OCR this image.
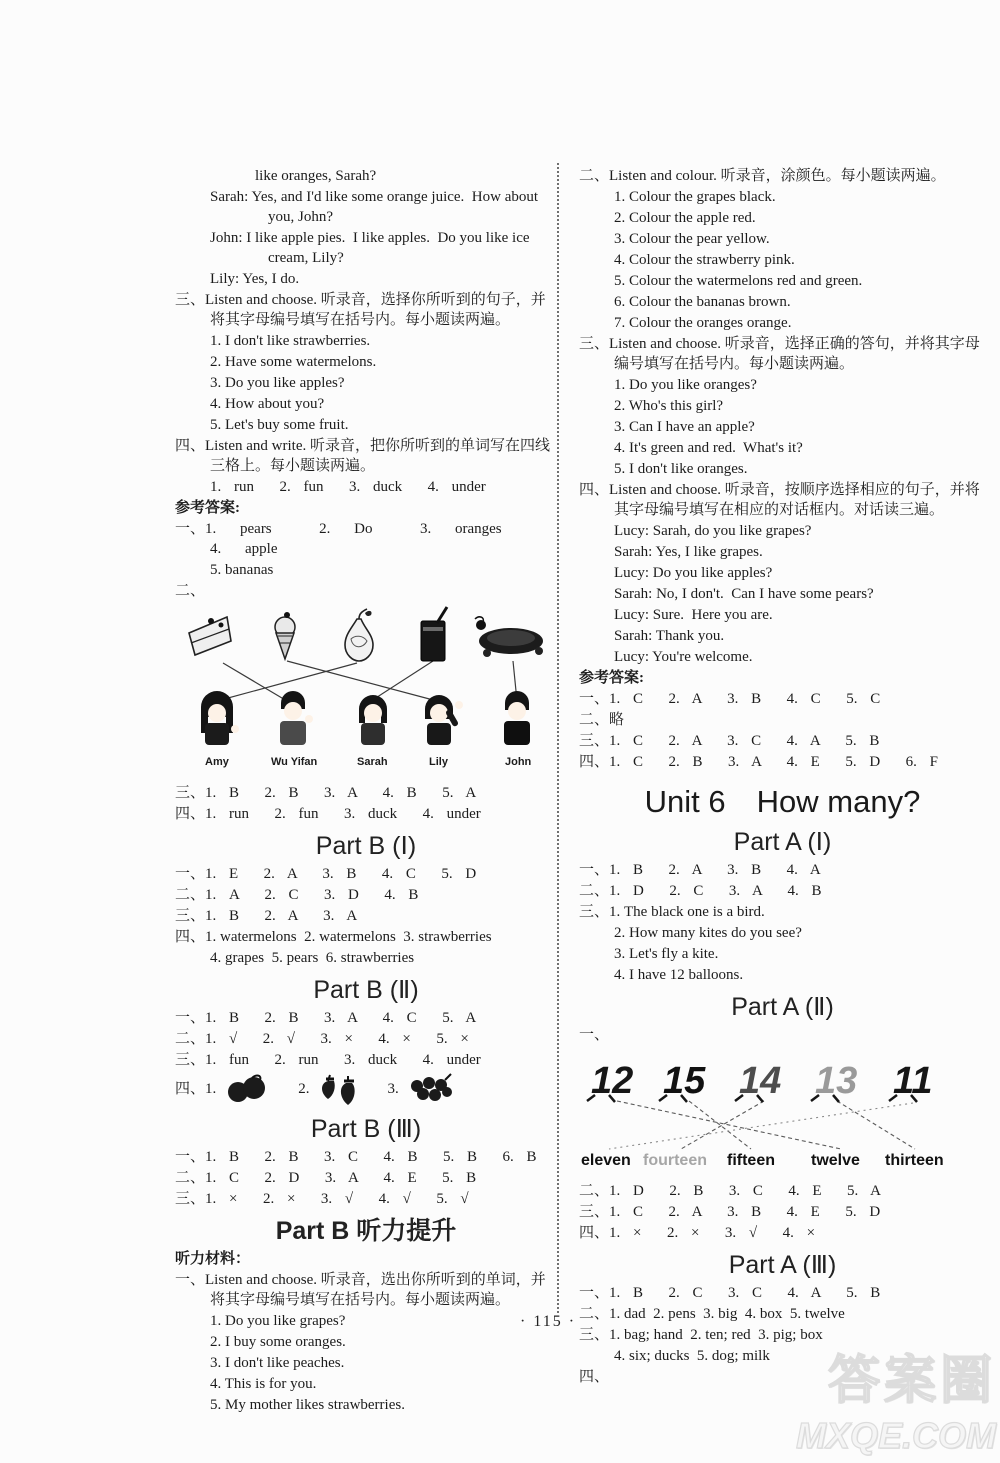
like oranges, Sarah?
Sarah: Yes, and I'd like some orange juice.  How about you, John?
John: I like apple pies.  I like apples.  Do you like ice cream, Lily?
Lily: Yes, I do.
三、Listen and choose. 听录音，选择你所听到的句子，并将其字母编号填写在括号内。每小题读两遍。
1. I don't like strawberries.
2. Have some watermelons.
3. Do you like apples?
4. How about you?
5. Let's buy some fruit.
四、Listen and write. 听录音，把你所听到的单词写在四线三格上。每小题读两遍。
1. run  2. fun  3. duck  4. under
参考答案:
一、1. pears  2. Do  3. oranges  4. apple
5. bananas
二、
Amy	Wu Yifan	Sarah	Lily	John
三、1. B  2. B  3. A  4. B  5. A
四、1. run  2. fun  3. duck  4. under
Part B (Ⅰ)
一、1. E  2. A  3. B  4. C  5. D
二、1. A  2. C  3. D  4. B
三、1. B  2. A  3. A
四、1. watermelons  2. watermelons  3. strawberries
4. grapes  5. pears  6. strawberries
Part B (Ⅱ)
一、1. B  2. B  3. A  4. C  5. A
二、1. √  2. √  3. ×  4. ×  5. ×
三、1. fun  2. run  3. duck  4. under
四、1.	2.	3.
Part B (Ⅲ)
一、1. B  2. B  3. C  4. B  5. B  6. B
二、1. C  2. D  3. A  4. E  5. B
三、1. ×  2. ×  3. √  4. √  5. √
Part B 听力提升
听力材料：
一、Listen and choose. 听录音，选出你所听到的单词，并将其字母编号填写在括号内。每小题读两遍。
1. Do you like grapes?
2. I buy some oranges.
3. I don't like peaches.
4. This is for you.
5. My mother likes strawberries.
二、Listen and colour. 听录音，涂颜色。每小题读两遍。
1. Colour the grapes black.
2. Colour the apple red.
3. Colour the pear yellow.
4. Colour the strawberry pink.
5. Colour the watermelons red and green.
6. Colour the bananas brown.
7. Colour the oranges orange.
三、Listen and choose. 听录音，选择正确的答句，并将其字母编号填写在括号内。每小题读两遍。
1. Do you like oranges?
2. Who's this girl?
3. Can I have an apple?
4. It's green and red.  What's it?
5. I don't like oranges.
四、Listen and choose. 听录音，按顺序选择相应的句子，并将其字母编号填写在相应的对话框内。对话读三遍。
Lucy: Sarah, do you like grapes?
Sarah: Yes, I like grapes.
Lucy: Do you like apples?
Sarah: No, I don't.  Can I have some pears?
Lucy: Sure.  Here you are.
Sarah: Thank you.
Lucy: You're welcome.
参考答案:
一、1. C  2. A  3. B  4. C  5. C
二、略
三、1. C  2. A  3. C  4. A  5. B
四、1. C  2. B  3. A  4. E  5. D  6. F
Unit 6　How many?
Part A (Ⅰ)
一、1. B  2. A  3. B  4. A
二、1. D  2. C  3. A  4. B
三、1. The black one is a bird.
2. How many kites do you see?
3. Let's fly a kite.
4. I have 12 balloons.
Part A (Ⅱ)
一、
12 15 14 13 11
eleven fourteen fifteen twelve thirteen
二、1. D  2. B  3. C  4. E  5. A
三、1. C  2. A  3. B  4. E  5. D
四、1. ×  2. ×  3. √  4. ×
Part A (Ⅲ)
一、1. B  2. C  3. C  4. A  5. B
二、1. dad  2. pens  3. big  4. box  5. twelve
三、1. bag; hand  2. ten; red  3. pig; box
4. six; ducks  5. dog; milk
四、
· 115 ·
答案圈
MXQE.COM
